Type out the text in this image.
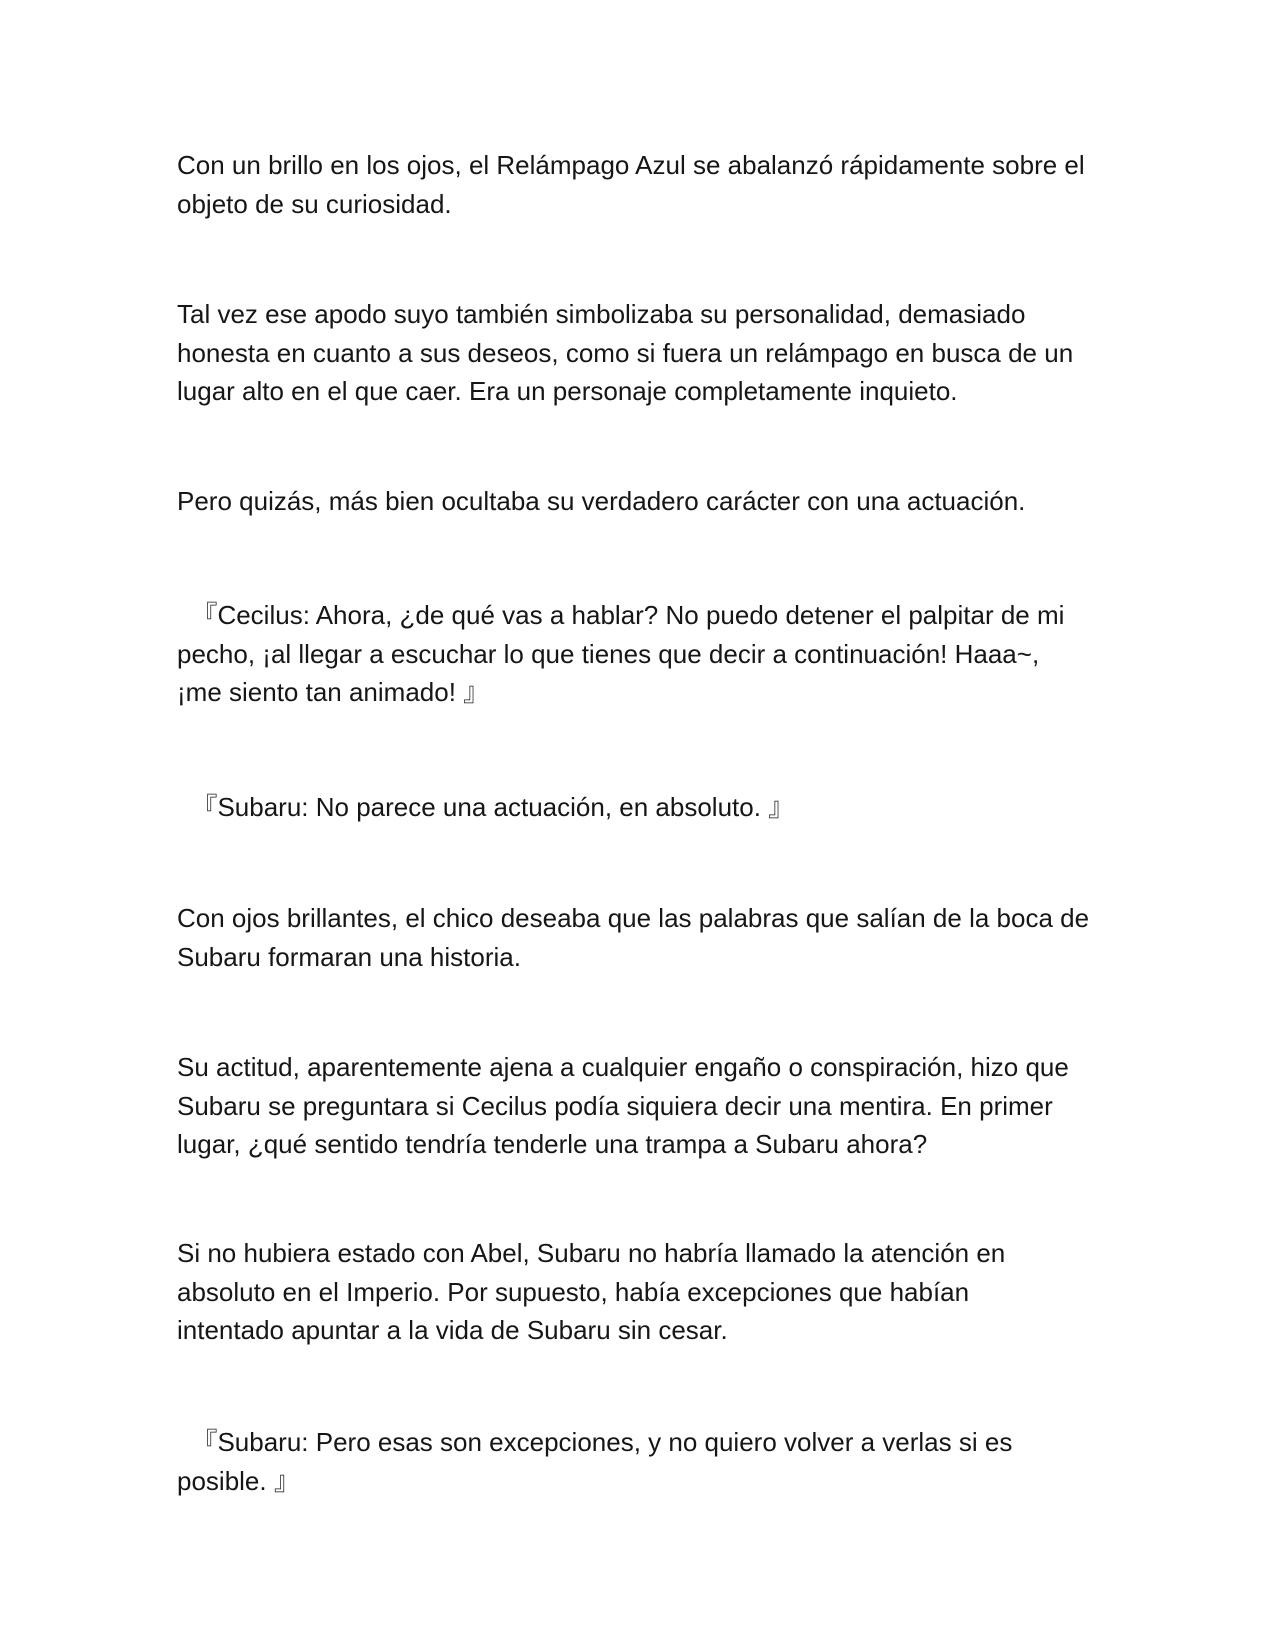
Con un brillo en los ojos, el Relámpago Azul se abalanzó rápidamente sobre el
objeto de su curiosidad.

Tal vez ese apodo suyo también simbolizaba su personalidad, demasiado
honesta en cuanto a sus deseos, como si fuera un relámpago en busca de un
lugar alto en el que caer. Era un personaje completamente inquieto.

Pero quizás, más bien ocultaba su verdadero carácter con una actuación.

『Cecilus: Ahora, ¿de qué vas a hablar? No puedo detener el palpitar de mi
pecho, ¡al llegar a escuchar lo que tienes que decir a continuación! Haaa~,
¡me siento tan animado! 』

『Subaru: No parece una actuación, en absoluto. 』

Con ojos brillantes, el chico deseaba que las palabras que salían de la boca de
Subaru formaran una historia.

Su actitud, aparentemente ajena a cualquier engaño o conspiración, hizo que
Subaru se preguntara si Cecilus podía siquiera decir una mentira. En primer
lugar, ¿qué sentido tendría tenderle una trampa a Subaru ahora?

Si no hubiera estado con Abel, Subaru no habría llamado la atención en
absoluto en el Imperio. Por supuesto, había excepciones que habían
intentado apuntar a la vida de Subaru sin cesar.

『Subaru: Pero esas son excepciones, y no quiero volver a verlas si es
posible. 』
